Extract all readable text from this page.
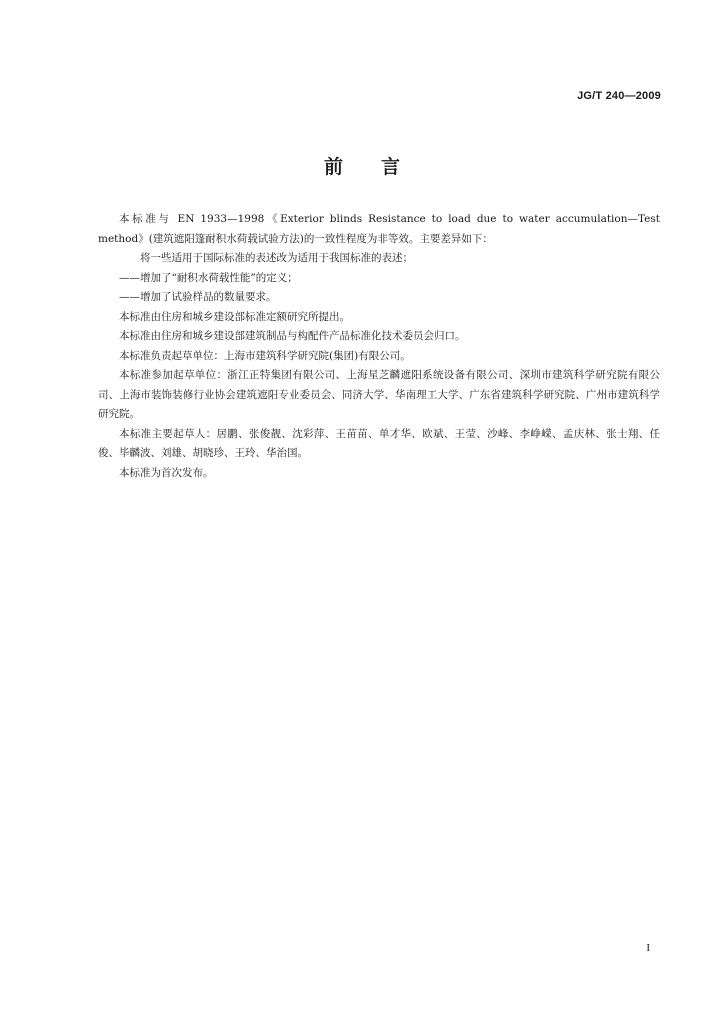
JG/T 240—2009
前言

本标准与 EN 1933—1998《Exterior blinds Resistance to load due to water accumulation—Test method》(建筑遮阳篷耐积水荷载试验方法)的一致性程度为非等效。主要差异如下：

将一些适用于国际标准的表述改为适用于我国标准的表述；

——增加了“耐积水荷载性能”的定义；

——增加了试验样品的数量要求。

本标准由住房和城乡建设部标准定额研究所提出。

本标准由住房和城乡建设部建筑制品与构配件产品标准化技术委员会归口。

本标准负责起草单位：上海市建筑科学研究院(集团)有限公司。

本标准参加起草单位：浙江正特集团有限公司、上海星芝麟遮阳系统设备有限公司、深圳市建筑科学研究院有限公司、上海市装饰装修行业协会建筑遮阳专业委员会、同济大学、华南理工大学、广东省建筑科学研究院、广州市建筑科学研究院。

本标准主要起草人：居鹏、张俊靓、沈彩萍、王苗苗、单才华、欧斌、王莹、沙峰、李峥嵘、孟庆林、张士翔、任俊、毕麟波、刘雄、胡晓珍、王玲、华治国。

本标准为首次发布。

I
